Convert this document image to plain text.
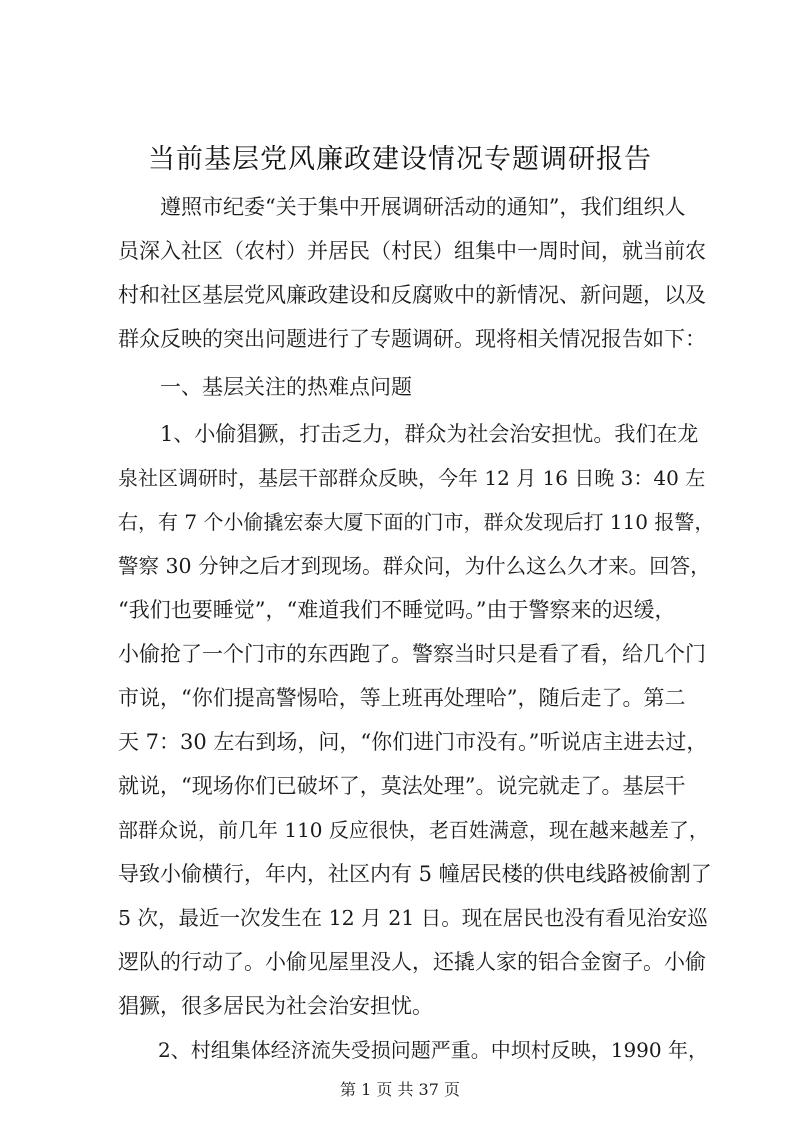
当前基层党风廉政建设情况专题调研报告
　　遵照市纪委“关于集中开展调研活动的通知”，我们组织人
员深入社区（农村）并居民（村民）组集中一周时间，就当前农
村和社区基层党风廉政建设和反腐败中的新情况、新问题，以及
群众反映的突出问题进行了专题调研。现将相关情况报告如下：
　　一、基层关注的热难点问题
　　1、小偷猖獗，打击乏力，群众为社会治安担忧。我们在龙
泉社区调研时，基层干部群众反映，今年 12 月 16 日晚 3：40 左
右，有 7 个小偷撬宏泰大厦下面的门市，群众发现后打 110 报警，
警察 30 分钟之后才到现场。群众问，为什么这么久才来。回答，
“我们也要睡觉”，“难道我们不睡觉吗。”由于警察来的迟缓，
小偷抢了一个门市的东西跑了。警察当时只是看了看，给几个门
市说，“你们提高警惕哈，等上班再处理哈”，随后走了。第二
天 7：30 左右到场，问，“你们进门市没有。”听说店主进去过，
就说，“现场你们已破坏了，莫法处理”。说完就走了。基层干
部群众说，前几年 110 反应很快，老百姓满意，现在越来越差了，
导致小偷横行，年内，社区内有 5 幢居民楼的供电线路被偷割了
5 次，最近一次发生在 12 月 21 日。现在居民也没有看见治安巡
逻队的行动了。小偷见屋里没人，还撬人家的铝合金窗子。小偷
猖獗，很多居民为社会治安担忧。
第 1 页 共 37 页
　　2、村组集体经济流失受损问题严重。中坝村反映，1990 年，
